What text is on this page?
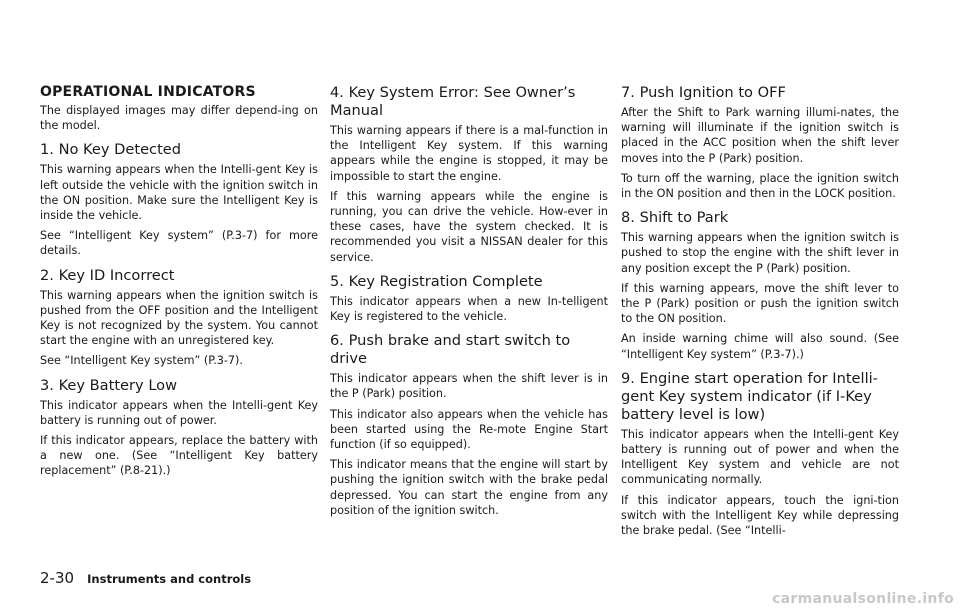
OPERATIONAL INDICATORS

The displayed images may differ depend-ing on the model.

1. No Key Detected

This warning appears when the Intelli-gent Key is left outside the vehicle with the ignition switch in the ON position. Make sure the Intelligent Key is inside the vehicle.

See “Intelligent Key system” (P.3-7) for more details.

2. Key ID Incorrect

This warning appears when the ignition switch is pushed from the OFF position and the Intelligent Key is not recognized by the system. You cannot start the engine with an unregistered key.

See “Intelligent Key system” (P.3-7).

3. Key Battery Low

This indicator appears when the Intelli-gent Key battery is running out of power.

If this indicator appears, replace the battery with a new one. (See “Intelligent Key battery replacement” (P.8-21).)

4. Key System Error: See Owner’s Manual

This warning appears if there is a mal-function in the Intelligent Key system. If this warning appears while the engine is stopped, it may be impossible to start the engine.

If this warning appears while the engine is running, you can drive the vehicle. How-ever in these cases, have the system checked. It is recommended you visit a NISSAN dealer for this service.

5. Key Registration Complete

This indicator appears when a new In-telligent Key is registered to the vehicle.

6. Push brake and start switch to drive

This indicator appears when the shift lever is in the P (Park) position.

This indicator also appears when the vehicle has been started using the Re-mote Engine Start function (if so equipped).

This indicator means that the engine will start by pushing the ignition switch with the brake pedal depressed. You can start the engine from any position of the ignition switch.

7. Push Ignition to OFF

After the Shift to Park warning illumi-nates, the warning will illuminate if the ignition switch is placed in the ACC position when the shift lever moves into the P (Park) position.

To turn off the warning, place the ignition switch in the ON position and then in the LOCK position.

8. Shift to Park

This warning appears when the ignition switch is pushed to stop the engine with the shift lever in any position except the P (Park) position.

If this warning appears, move the shift lever to the P (Park) position or push the ignition switch to the ON position.

An inside warning chime will also sound. (See “Intelligent Key system” (P.3-7).)

9. Engine start operation for Intelli-gent Key system indicator (if I-Key battery level is low)

This indicator appears when the Intelli-gent Key battery is running out of power and when the Intelligent Key system and vehicle are not communicating normally.

If this indicator appears, touch the igni-tion switch with the Intelligent Key while depressing the brake pedal. (See “Intelli-

2-30 Instruments and controls
carmanualsonline.info
